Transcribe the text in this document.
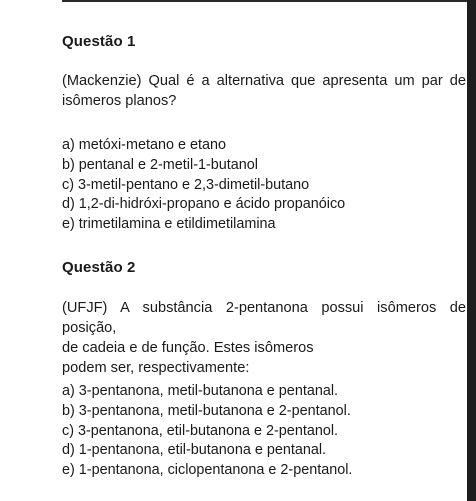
Questão 1
(Mackenzie) Qual é a alternativa que apresenta um par de
isômeros planos?
a) metóxi-metano e etano
b) pentanal e 2-metil-1-butanol
c) 3-metil-pentano e 2,3-dimetil-butano
d) 1,2-di-hidróxi-propano e ácido propanóico
e) trimetilamina e etildimetilamina
Questão 2
(UFJF) A substância 2-pentanona possui isômeros de posição,
de cadeia e de função. Estes isômeros
podem ser, respectivamente:
a) 3-pentanona, metil-butanona e pentanal.
b) 3-pentanona, metil-butanona e 2-pentanol.
c) 3-pentanona, etil-butanona e 2-pentanol.
d) 1-pentanona, etil-butanona e pentanal.
e) 1-pentanona, ciclopentanona e 2-pentanol.
